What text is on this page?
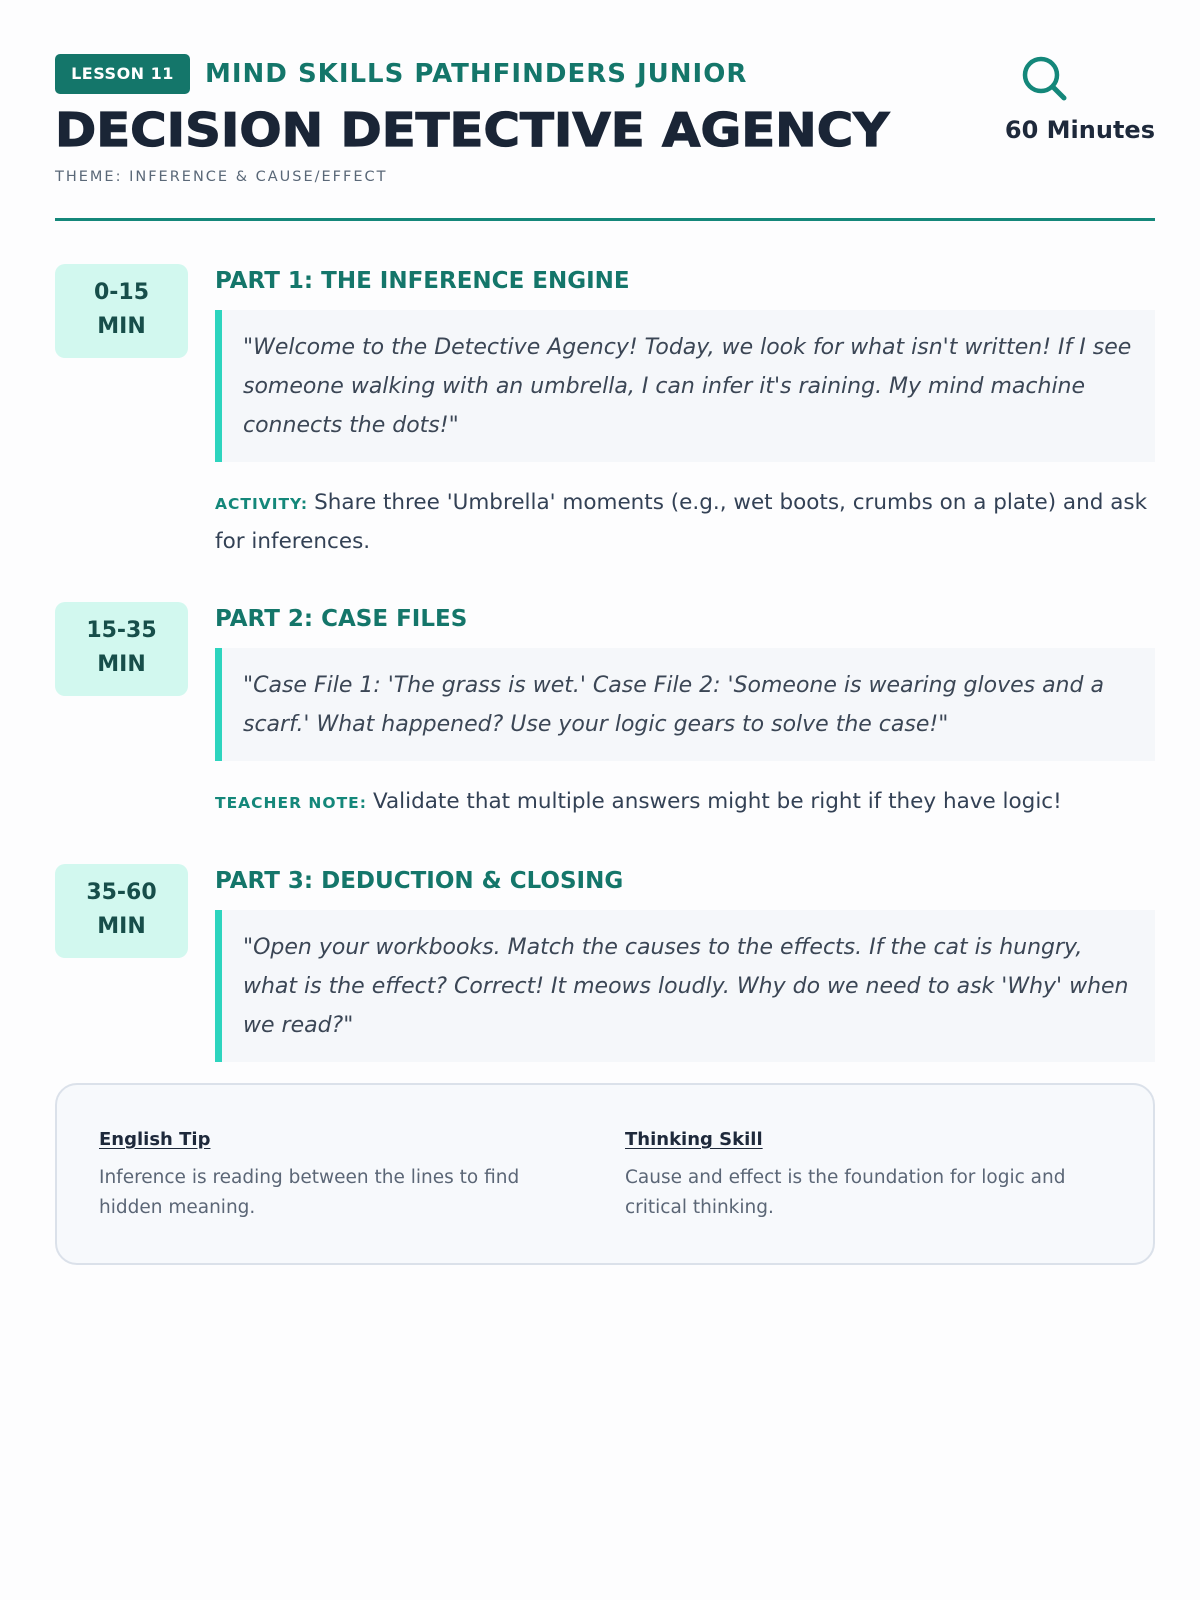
LESSON 11	MIND SKILLS PATHFINDERS JUNIOR
DECISION DETECTIVE AGENCY
THEME: INFERENCE & CAUSE/EFFECT
60 Minutes
0-15
MIN
PART 1: THE INFERENCE ENGINE
"Welcome to the Detective Agency! Today, we look for what isn't written! If I see someone walking with an umbrella, I can infer it's raining. My mind machine connects the dots!"
ACTIVITY: Share three 'Umbrella' moments (e.g., wet boots, crumbs on a plate) and ask for inferences.
15-35
MIN
PART 2: CASE FILES
"Case File 1: 'The grass is wet.' Case File 2: 'Someone is wearing gloves and a scarf.' What happened? Use your logic gears to solve the case!"
TEACHER NOTE: Validate that multiple answers might be right if they have logic!
35-60
MIN
PART 3: DEDUCTION & CLOSING
"Open your workbooks. Match the causes to the effects. If the cat is hungry, what is the effect? Correct! It meows loudly. Why do we need to ask 'Why' when we read?"
English Tip
Inference is reading between the lines to find hidden meaning.
Thinking Skill
Cause and effect is the foundation for logic and critical thinking.
